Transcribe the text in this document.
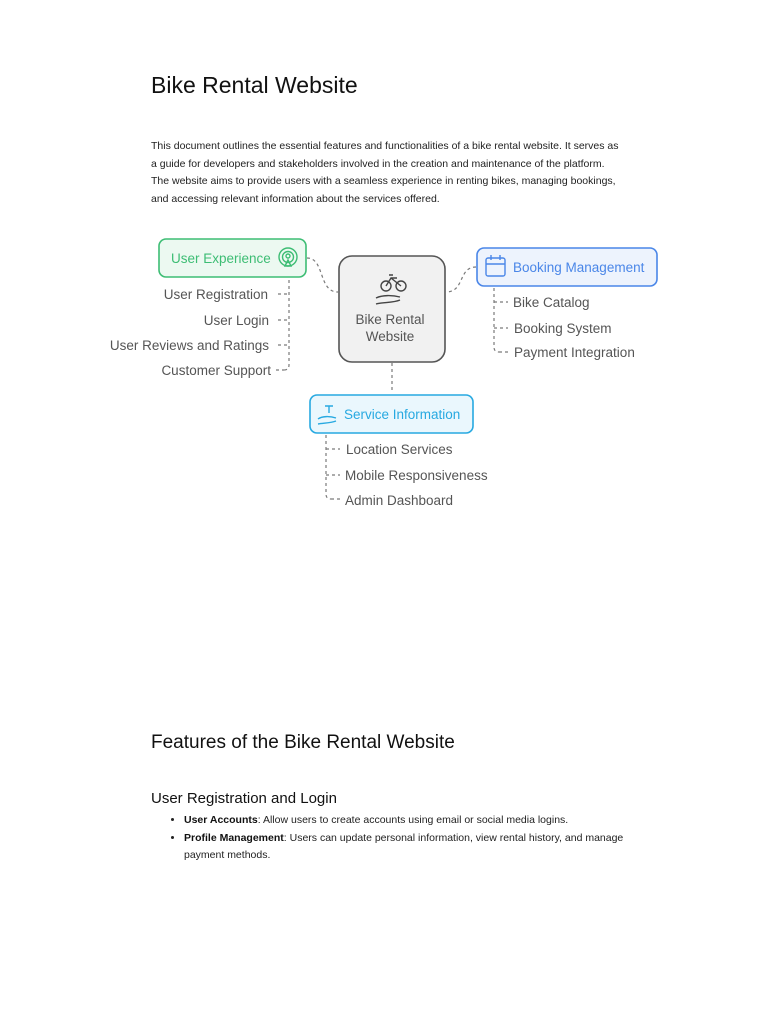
Bike Rental Website

This document outlines the essential features and functionalities of a bike rental website. It serves as a guide for developers and stakeholders involved in the creation and maintenance of the platform. The website aims to provide users with a seamless experience in renting bikes, managing bookings, and accessing relevant information about the services offered.

Bike Rental
Website
User Experience
User Registration
User Login
User Reviews and Ratings
Customer Support
Booking Management
Bike Catalog
Booking System
Payment Integration
Service Information
Location Services
Mobile Responsiveness
Admin Dashboard
Features of the Bike Rental Website
User Registration and Login
• User Accounts: Allow users to create accounts using email or social media logins.
• Profile Management: Users can update personal information, view rental history, and manage payment methods.
